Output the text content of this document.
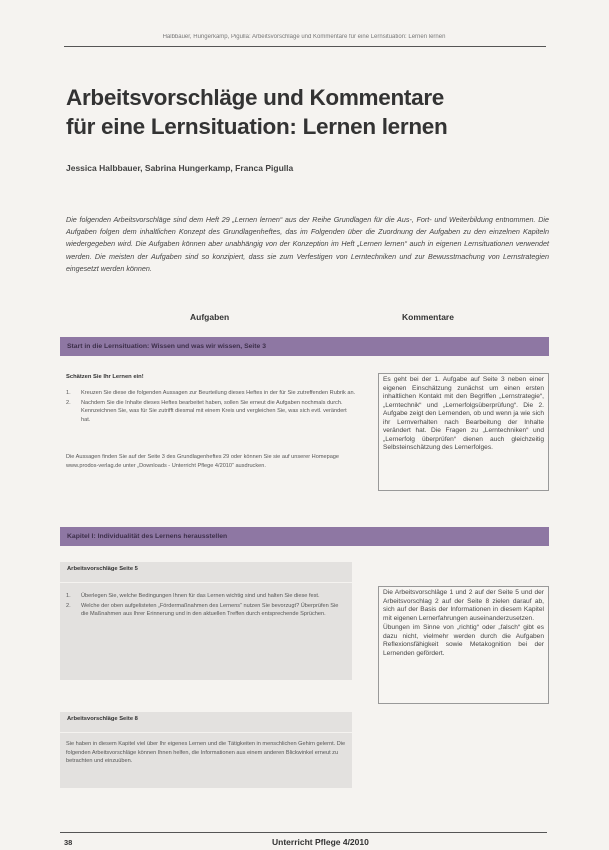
Halbbauer, Hungerkamp, Pigulla: Arbeitsvorschläge und Kommentare für eine Lernsituation: Lernen lernen
Arbeitsvorschläge und Kommentare
für eine Lernsituation: Lernen lernen
Jessica Halbbauer, Sabrina Hungerkamp, Franca Pigulla
Die folgenden Arbeitsvorschläge sind dem Heft 29 „Lernen lernen“ aus der Reihe Grundlagen für die Aus-, Fort- und Weiterbildung entnommen. Die Aufgaben folgen dem inhaltlichen Konzept des Grundlagenheftes, das im Folgenden über die Zuordnung der Aufgaben zu den einzelnen Kapiteln wiedergegeben wird. Die Aufgaben können aber unabhängig von der Konzeption im Heft „Lernen lernen“ auch in eigenen Lernsituationen verwendet werden. Die meisten der Aufgaben sind so konzipiert, dass sie zum Verfestigen von Lerntechniken und zur Bewusstmachung von Lernstrategien eingesetzt werden können.
Aufgaben	Kommentare
Start in die Lernsituation: Wissen und was wir wissen, Seite 3
Schätzen Sie Ihr Lernen ein!
1. Kreuzen Sie diese die folgenden Aussagen zur Beurteilung dieses Heftes in der für Sie zutreffenden Rubrik an.
2. Nachdem Sie die Inhalte dieses Heftes bearbeitet haben, sollen Sie erneut die Aufgaben nochmals durch. Kennzeichnen Sie, was für Sie zutrifft diesmal mit einem Kreis und vergleichen Sie, was sich evtl. verändert hat.
Die Aussagen finden Sie auf der Seite 3 des Grundlagenheftes 29 oder können Sie sie auf unserer Homepage www.prodos-verlag.de unter „Downloads - Unterricht Pflege 4/2010“ ausdrucken.

Es geht bei der 1. Aufgabe auf Seite 3 neben einer eigenen Einschätzung zunächst um einen ersten inhaltlichen Kontakt mit den Begriffen „Lernstrategie“, „Lerntechnik“ und „Lernerfolgsüberprüfung“. Die 2. Aufgabe zeigt den Lernenden, ob und wenn ja wie sich ihr Lernverhalten nach Bearbeitung der Inhalte verändert hat. Die Fragen zu „Lerntechniken“ und „Lernerfolg überprüfen“ dienen auch gleichzeitig Selbsteinschätzung des Lernerfolges.

Kapitel I: Individualität des Lernens herausstellen
Arbeitsvorschläge Seite 5
1. Überlegen Sie, welche Bedingungen Ihnen für das Lernen wichtig sind und halten Sie diese fest.
2. Welche der oben aufgelisteten „Fördermaßnahmen des Lernens“ nutzen Sie bevorzugt? Überprüfen Sie die Maßnahmen aus Ihrer Erinnerung und in den aktuellen Treffen durch entsprechende Sprüchen.

Die Arbeitsvorschläge 1 und 2 auf der Seite 5 und der Arbeitsvorschlag 2 auf der Seite 8 zielen darauf ab, sich auf der Basis der Informationen in diesem Kapitel mit eigenen Lernerfahrungen auseinanderzusetzen.

Übungen im Sinne von „richtig“ oder „falsch“ gibt es dazu nicht, vielmehr werden durch die Aufgaben Reflexionsfähigkeit sowie Metakognition bei der Lernenden gefördert.

Arbeitsvorschläge Seite 8
Sie haben in diesem Kapitel viel über Ihr eigenes Lernen und die Tätigkeiten in menschlichen Gehirn gelernt. Die folgenden Arbeitsvorschläge können Ihnen helfen, die Informationen aus einem anderen Blickwinkel erneut zu betrachten und einzuüben.
38	Unterricht Pflege 4/2010
